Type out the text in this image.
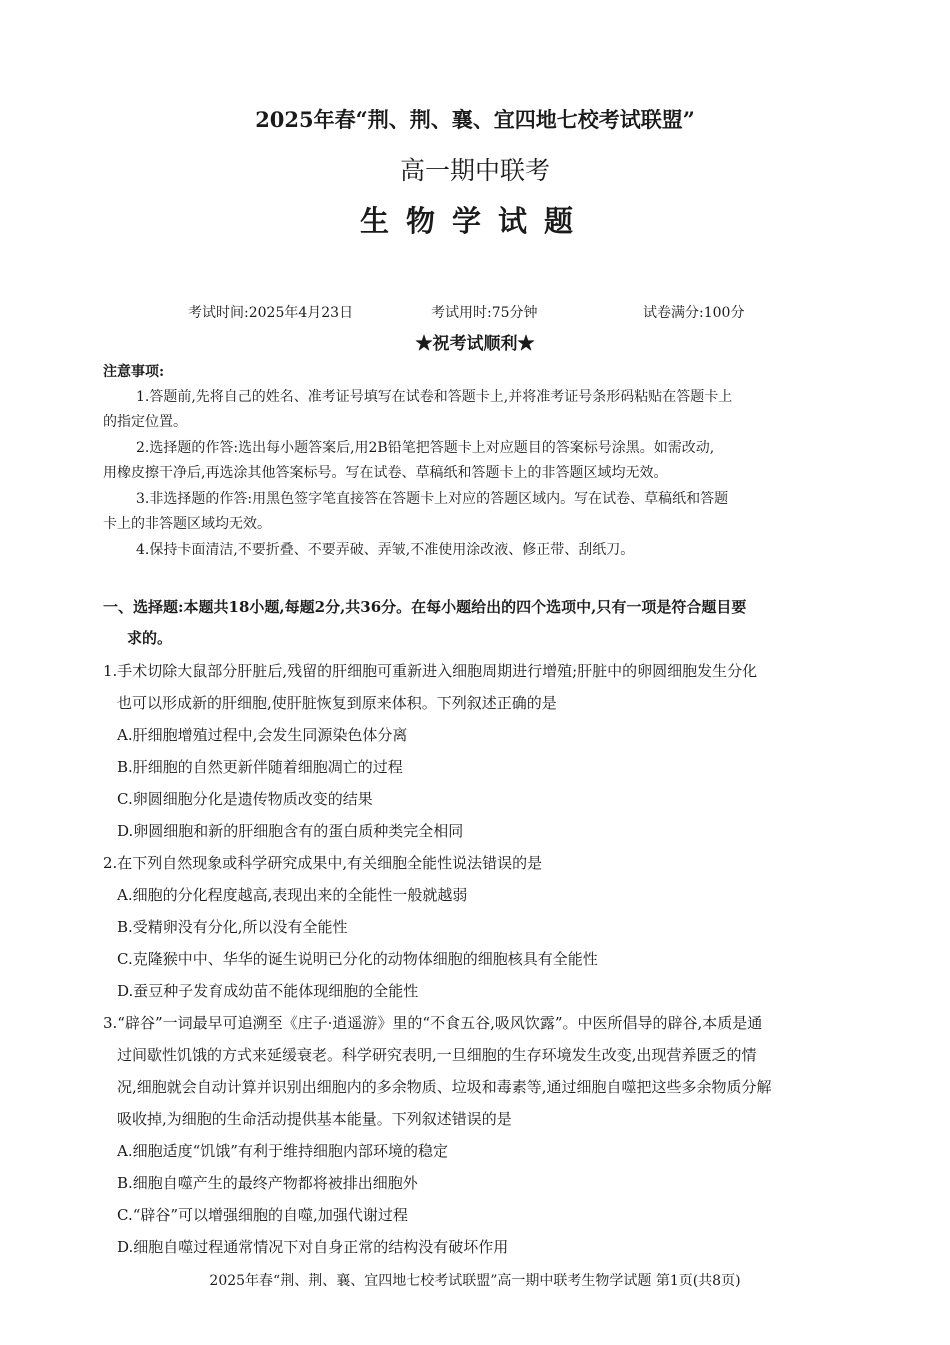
2025年春“荆、荆、襄、宜四地七校考试联盟”
高一期中联考
生物学试题
考试时间:2025年4月23日	考试用时:75分钟	试卷满分:100分
★祝考试顺利★
注意事项:
1.答题前,先将自己的姓名、准考证号填写在试卷和答题卡上,并将准考证号条形码粘贴在答题卡上
的指定位置。
2.选择题的作答:选出每小题答案后,用2B铅笔把答题卡上对应题目的答案标号涂黑。如需改动,
用橡皮擦干净后,再选涂其他答案标号。写在试卷、草稿纸和答题卡上的非答题区域均无效。
3.非选择题的作答:用黑色签字笔直接答在答题卡上对应的答题区域内。写在试卷、草稿纸和答题
卡上的非答题区域均无效。
4.保持卡面清洁,不要折叠、不要弄破、弄皱,不准使用涂改液、修正带、刮纸刀。
一、选择题:本题共18小题,每题2分,共36分。在每小题给出的四个选项中,只有一项是符合题目要
求的。
1.手术切除大鼠部分肝脏后,残留的肝细胞可重新进入细胞周期进行增殖;肝脏中的卵圆细胞发生分化
也可以形成新的肝细胞,使肝脏恢复到原来体积。下列叙述正确的是
A.肝细胞增殖过程中,会发生同源染色体分离
B.肝细胞的自然更新伴随着细胞凋亡的过程
C.卵圆细胞分化是遗传物质改变的结果
D.卵圆细胞和新的肝细胞含有的蛋白质种类完全相同
2.在下列自然现象或科学研究成果中,有关细胞全能性说法错误的是
A.细胞的分化程度越高,表现出来的全能性一般就越弱
B.受精卵没有分化,所以没有全能性
C.克隆猴中中、华华的诞生说明已分化的动物体细胞的细胞核具有全能性
D.蚕豆种子发育成幼苗不能体现细胞的全能性
3.“辟谷”一词最早可追溯至《庄子·逍遥游》里的“不食五谷,吸风饮露”。中医所倡导的辟谷,本质是通
过间歇性饥饿的方式来延缓衰老。科学研究表明,一旦细胞的生存环境发生改变,出现营养匮乏的情
况,细胞就会自动计算并识别出细胞内的多余物质、垃圾和毒素等,通过细胞自噬把这些多余物质分解
吸收掉,为细胞的生命活动提供基本能量。下列叙述错误的是
A.细胞适度“饥饿”有利于维持细胞内部环境的稳定
B.细胞自噬产生的最终产物都将被排出细胞外
C.“辟谷”可以增强细胞的自噬,加强代谢过程
D.细胞自噬过程通常情况下对自身正常的结构没有破坏作用
2025年春“荆、荆、襄、宜四地七校考试联盟”高一期中联考生物学试题 第1页(共8页)
